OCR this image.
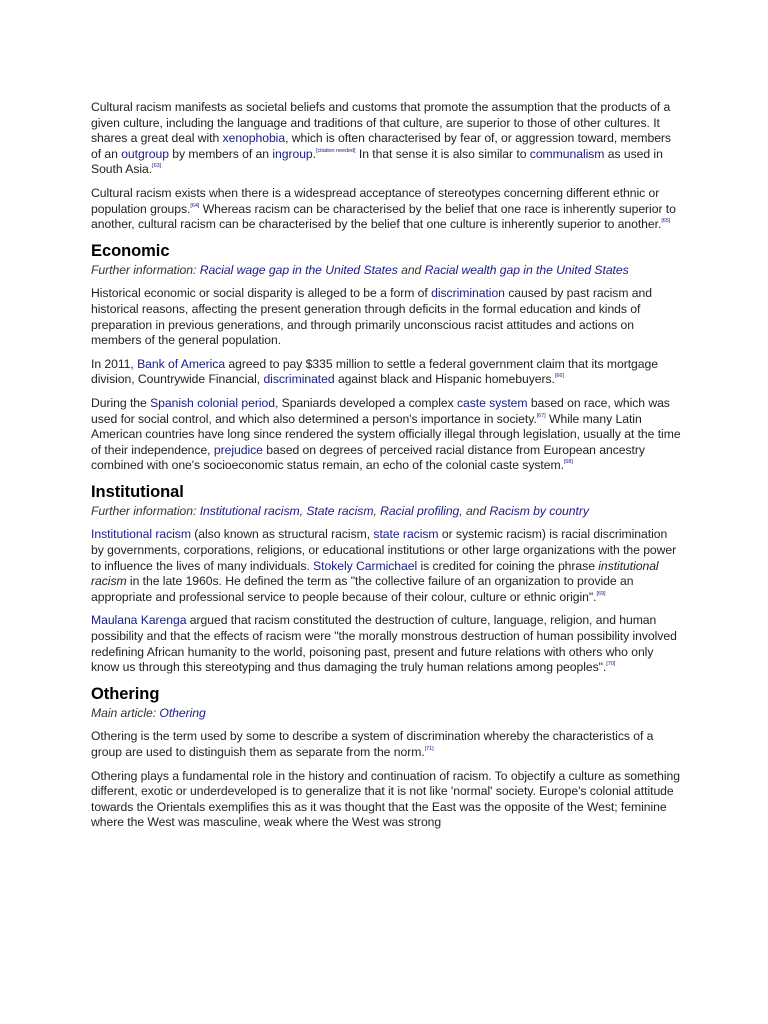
Cultural racism manifests as societal beliefs and customs that promote the assumption that the products of a given culture, including the language and traditions of that culture, are superior to those of other cultures. It shares a great deal with xenophobia, which is often characterised by fear of, or aggression toward, members of an outgroup by members of an ingroup.[citation needed] In that sense it is also similar to communalism as used in South Asia.[63]

Cultural racism exists when there is a widespread acceptance of stereotypes concerning different ethnic or population groups.[64] Whereas racism can be characterised by the belief that one race is inherently superior to another, cultural racism can be characterised by the belief that one culture is inherently superior to another.[65]

Economic
Further information: Racial wage gap in the United States and Racial wealth gap in the United States

Historical economic or social disparity is alleged to be a form of discrimination caused by past racism and historical reasons, affecting the present generation through deficits in the formal education and kinds of preparation in previous generations, and through primarily unconscious racist attitudes and actions on members of the general population.

In 2011, Bank of America agreed to pay $335 million to settle a federal government claim that its mortgage division, Countrywide Financial, discriminated against black and Hispanic homebuyers.[66]

During the Spanish colonial period, Spaniards developed a complex caste system based on race, which was used for social control, and which also determined a person's importance in society.[67] While many Latin American countries have long since rendered the system officially illegal through legislation, usually at the time of their independence, prejudice based on degrees of perceived racial distance from European ancestry combined with one's socioeconomic status remain, an echo of the colonial caste system.[68]

Institutional
Further information: Institutional racism, State racism, Racial profiling, and Racism by country

Institutional racism (also known as structural racism, state racism or systemic racism) is racial discrimination by governments, corporations, religions, or educational institutions or other large organizations with the power to influence the lives of many individuals. Stokely Carmichael is credited for coining the phrase institutional racism in the late 1960s. He defined the term as "the collective failure of an organization to provide an appropriate and professional service to people because of their colour, culture or ethnic origin".[69]

Maulana Karenga argued that racism constituted the destruction of culture, language, religion, and human possibility and that the effects of racism were "the morally monstrous destruction of human possibility involved redefining African humanity to the world, poisoning past, present and future relations with others who only know us through this stereotyping and thus damaging the truly human relations among peoples".[70]

Othering
Main article: Othering

Othering is the term used by some to describe a system of discrimination whereby the characteristics of a group are used to distinguish them as separate from the norm.[71]

Othering plays a fundamental role in the history and continuation of racism. To objectify a culture as something different, exotic or underdeveloped is to generalize that it is not like 'normal' society. Europe's colonial attitude towards the Orientals exemplifies this as it was thought that the East was the opposite of the West; feminine where the West was masculine, weak where the West was strong
